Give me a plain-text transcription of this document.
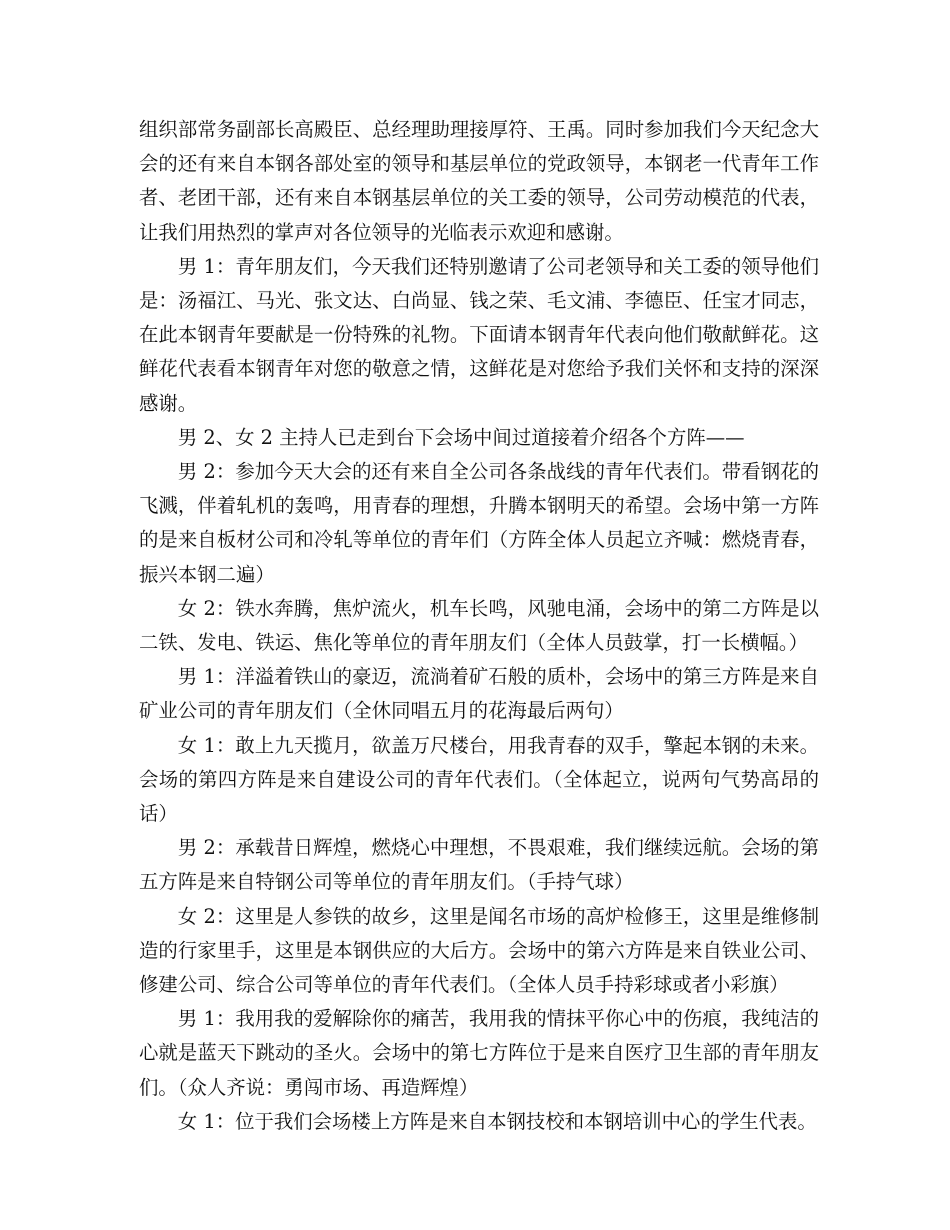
组织部常务副部长高殿臣、总经理助理接厚符、王禹。同时参加我们今天纪念大会的还有来自本钢各部处室的领导和基层单位的党政领导，本钢老一代青年工作者、老团干部，还有来自本钢基层单位的关工委的领导，公司劳动模范的代表，让我们用热烈的掌声对各位领导的光临表示欢迎和感谢。

男 1：青年朋友们，今天我们还特别邀请了公司老领导和关工委的领导他们是：汤福江、马光、张文达、白尚显、钱之荣、毛文浦、李德臣、任宝才同志，在此本钢青年要献是一份特殊的礼物。下面请本钢青年代表向他们敬献鲜花。这鲜花代表看本钢青年对您的敬意之情，这鲜花是对您给予我们关怀和支持的深深感谢。

男 2、女 2 主持人已走到台下会场中间过道接着介绍各个方阵——

男 2：参加今天大会的还有来自全公司各条战线的青年代表们。带看钢花的飞溅，伴着轧机的轰鸣，用青春的理想，升腾本钢明天的希望。会场中第一方阵的是来自板材公司和冷轧等单位的青年们（方阵全体人员起立齐喊：燃烧青春，振兴本钢二遍）

女 2：铁水奔腾，焦炉流火，机车长鸣，风驰电涌，会场中的第二方阵是以二铁、发电、铁运、焦化等单位的青年朋友们（全体人员鼓掌，打一长横幅。）

男 1：洋溢着铁山的豪迈，流淌着矿石般的质朴，会场中的第三方阵是来自矿业公司的青年朋友们（全休同唱五月的花海最后两句）

女 1：敢上九天揽月，欲盖万尺楼台，用我青春的双手，擎起本钢的未来。会场的第四方阵是来自建设公司的青年代表们。（全体起立，说两句气势高昂的话）

男 2：承载昔日辉煌，燃烧心中理想，不畏艰难，我们继续远航。会场的第五方阵是来自特钢公司等单位的青年朋友们。（手持气球）

女 2：这里是人参铁的故乡，这里是闻名市场的高炉检修王，这里是维修制造的行家里手，这里是本钢供应的大后方。会场中的第六方阵是来自铁业公司、修建公司、综合公司等单位的青年代表们。（全体人员手持彩球或者小彩旗）

男 1：我用我的爱解除你的痛苦，我用我的情抹平你心中的伤痕，我纯洁的心就是蓝天下跳动的圣火。会场中的第七方阵位于是来自医疗卫生部的青年朋友们。（众人齐说：勇闯市场、再造辉煌）

女 1：位于我们会场楼上方阵是来自本钢技校和本钢培训中心的学生代表。
